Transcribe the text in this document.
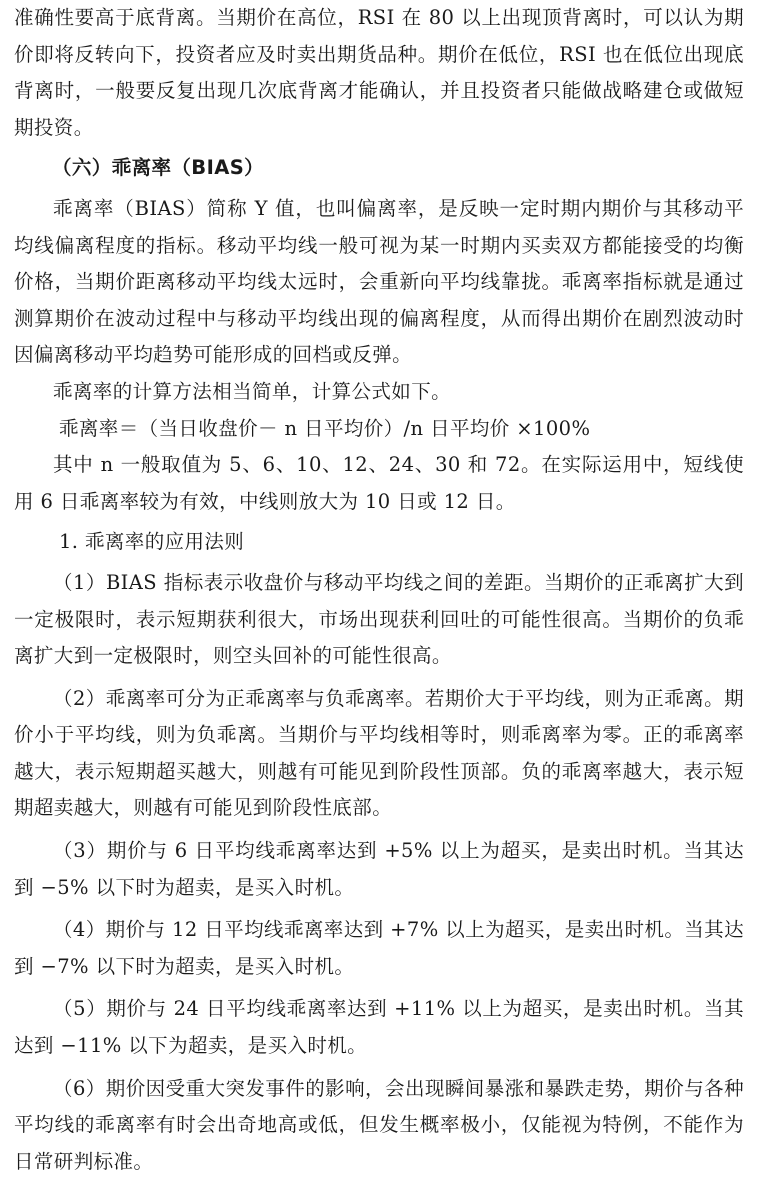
准确性要高于底背离。当期价在高位，RSI 在 80 以上出现顶背离时，可以认为期价即将反转向下，投资者应及时卖出期货品种。期价在低位，RSI 也在低位出现底背离时，一般要反复出现几次底背离才能确认，并且投资者只能做战略建仓或做短期投资。

（六）乖离率（BIAS）

乖离率（BIAS）简称 Y 值，也叫偏离率，是反映一定时期内期价与其移动平均线偏离程度的指标。移动平均线一般可视为某一时期内买卖双方都能接受的均衡价格，当期价距离移动平均线太远时，会重新向平均线靠拢。乖离率指标就是通过测算期价在波动过程中与移动平均线出现的偏离程度，从而得出期价在剧烈波动时因偏离移动平均趋势可能形成的回档或反弹。

乖离率的计算方法相当简单，计算公式如下。

乖离率＝（当日收盘价－ n 日平均价）/n 日平均价 ×100%

其中 n 一般取值为 5、6、10、12、24、30 和 72。在实际运用中，短线使用 6 日乖离率较为有效，中线则放大为 10 日或 12 日。

1. 乖离率的应用法则

（1）BIAS 指标表示收盘价与移动平均线之间的差距。当期价的正乖离扩大到一定极限时，表示短期获利很大，市场出现获利回吐的可能性很高。当期价的负乖离扩大到一定极限时，则空头回补的可能性很高。

（2）乖离率可分为正乖离率与负乖离率。若期价大于平均线，则为正乖离。期价小于平均线，则为负乖离。当期价与平均线相等时，则乖离率为零。正的乖离率越大，表示短期超买越大，则越有可能见到阶段性顶部。负的乖离率越大，表示短期超卖越大，则越有可能见到阶段性底部。

（3）期价与 6 日平均线乖离率达到 +5% 以上为超买，是卖出时机。当其达到 −5% 以下时为超卖，是买入时机。

（4）期价与 12 日平均线乖离率达到 +7% 以上为超买，是卖出时机。当其达到 −7% 以下时为超卖，是买入时机。

（5）期价与 24 日平均线乖离率达到 +11% 以上为超买，是卖出时机。当其达到 −11% 以下为超卖，是买入时机。

（6）期价因受重大突发事件的影响，会出现瞬间暴涨和暴跌走势，期价与各种平均线的乖离率有时会出奇地高或低，但发生概率极小，仅能视为特例，不能作为日常研判标准。
